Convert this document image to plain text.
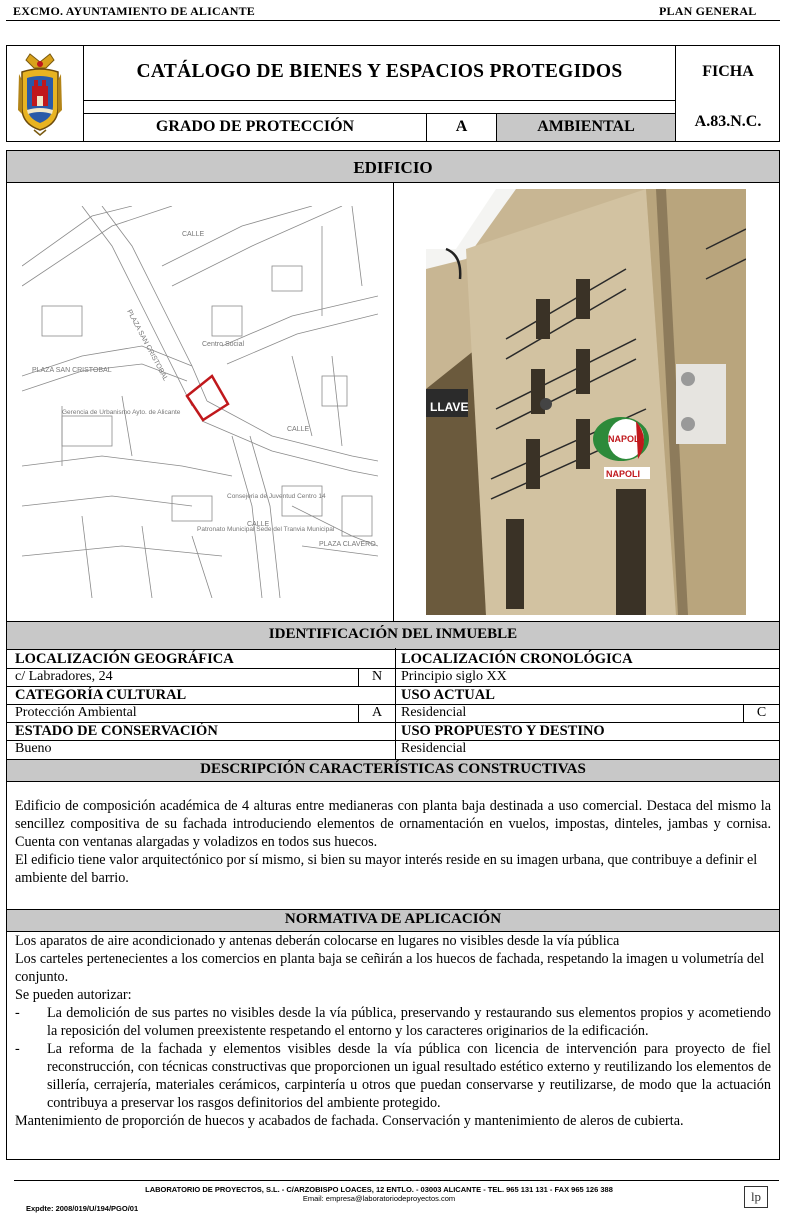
EXCMO. AYUNTAMIENTO DE ALICANTE	PLAN GENERAL
CATÁLOGO DE BIENES Y ESPACIOS PROTEGIDOS	FICHA
A.83.N.C.
GRADO DE PROTECCIÓN	A	AMBIENTAL
EDIFICIO
PLAZA SAN CRISTOBAL
PLAZA SAN CRISTOBAL
CALLE
CALLE
CALLE
PLAZA CLAVERO
Centro Social
Gerencia de Urbanismo Ayto. de Alicante
Consejeria de Juventud Centro 14
Patronato Municipal Sede del Tranvia Municipal
LLAVE
NAPOLI
NAPOLI
IDENTIFICACIÓN DEL INMUEBLE
LOCALIZACIÓN GEOGRÁFICA	LOCALIZACIÓN CRONOLÓGICA
c/ Labradores, 24	N	Principio siglo XX
CATEGORÍA CULTURAL	USO ACTUAL
Protección Ambiental	A	Residencial	C
ESTADO DE CONSERVACIÓN	USO PROPUESTO Y DESTINO
Bueno	Residencial
DESCRIPCIÓN CARACTERÍSTICAS CONSTRUCTIVAS
Edificio de composición académica de 4 alturas entre medianeras con planta baja destinada a uso comercial. Destaca del mismo la sencillez compositiva de su fachada introduciendo elementos de ornamentación en vuelos, impostas, dinteles, jambas y cornisa. Cuenta con ventanas alargadas y voladizos en todos sus huecos.
El edificio tiene valor arquitectónico por sí mismo, si bien su mayor interés reside en su imagen urbana, que contribuye a definir el ambiente del barrio.
NORMATIVA DE APLICACIÓN
Los aparatos de aire acondicionado y antenas deberán colocarse en lugares no visibles desde la vía pública
Los carteles pertenecientes a los comercios en planta baja se ceñirán a los huecos de fachada, respetando la imagen u volumetría del conjunto.
Se pueden autorizar:
-	La demolición de sus partes no visibles desde la vía pública, preservando y restaurando sus elementos propios y acometiendo la reposición del volumen preexistente respetando el entorno y los caracteres originarios de la edificación.
-	La reforma de la fachada y elementos visibles desde la vía pública con licencia de intervención para proyecto de fiel reconstrucción, con técnicas constructivas que proporcionen un igual resultado estético externo y reutilizando los elementos de sillería, cerrajería, materiales cerámicos, carpintería u otros que puedan conservarse y reutilizarse, de modo que la actuación contribuya a preservar los rasgos definitorios del ambiente protegido.
Mantenimiento de proporción de huecos y acabados de fachada. Conservación y mantenimiento de aleros de cubierta.
LABORATORIO DE PROYECTOS, S.L. - C/ARZOBISPO LOACES, 12 ENTLO. - 03003 ALICANTE - TEL. 965 131 131 - FAX 965 126 388
Email: empresa@laboratoriodeproyectos.com
Expdte: 2008/019/U/194/PGO/01
lp
